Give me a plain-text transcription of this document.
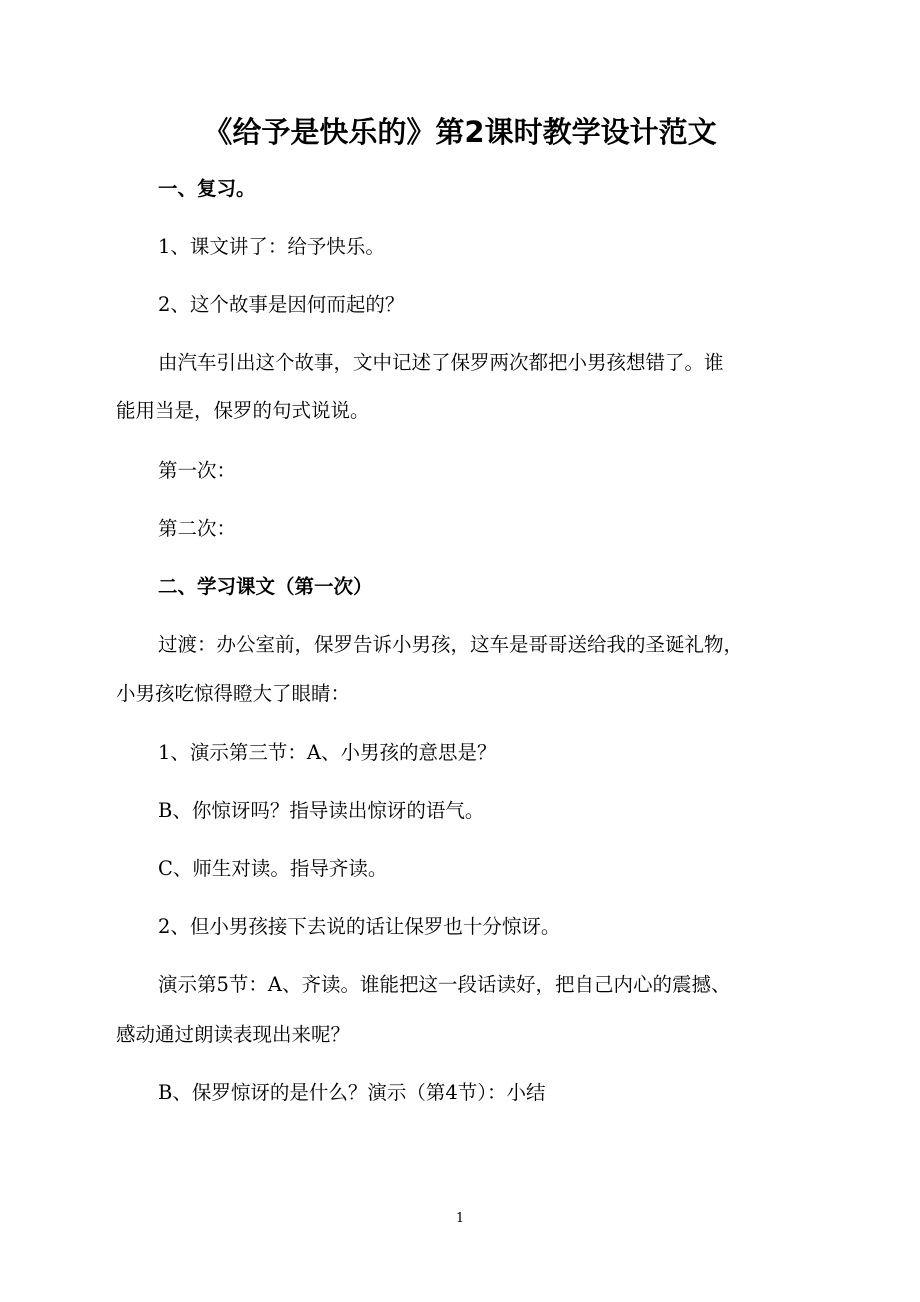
《给予是快乐的》第2课时教学设计范文
一、复习。
1、课文讲了：给予快乐。
2、这个故事是因何而起的？
由汽车引出这个故事，文中记述了保罗两次都把小男孩想错了。谁
能用当是，保罗的句式说说。
第一次：
第二次：
二、学习课文（第一次）
过渡：办公室前，保罗告诉小男孩，这车是哥哥送给我的圣诞礼物，
小男孩吃惊得瞪大了眼睛：
1、演示第三节：A、小男孩的意思是？
B、你惊讶吗？指导读出惊讶的语气。
C、师生对读。指导齐读。
2、但小男孩接下去说的话让保罗也十分惊讶。
演示第5节：A、齐读。谁能把这一段话读好，把自己内心的震撼、
感动通过朗读表现出来呢？
B、保罗惊讶的是什么？演示（第4节）：小结
1
